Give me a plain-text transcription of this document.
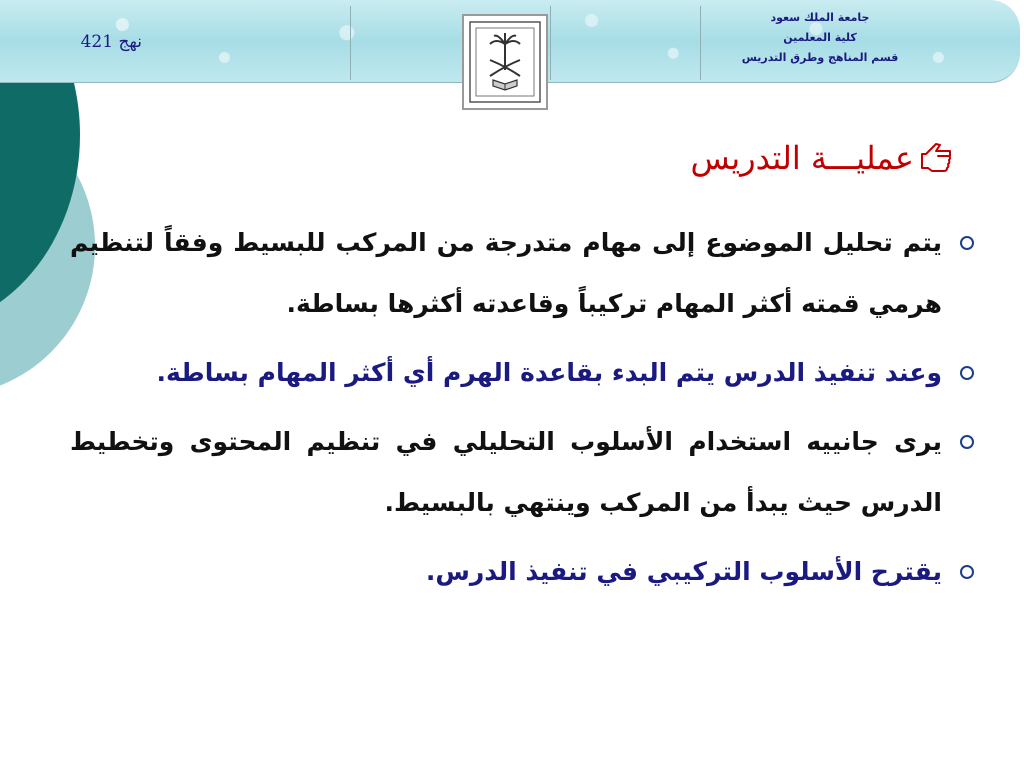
نهج 421
جامعة الملك سعود
كلية المعلمين
قسم المناهج وطرق التدريس
عمليـــة التدريس
يتم تحليل الموضوع إلى مهام متدرجة من المركب للبسيط وفقاً لتنظيم هرمي قمته أكثر المهام تركيباً وقاعدته أكثرها بساطة.
وعند تنفيذ الدرس يتم البدء بقاعدة الهرم أي أكثر المهام بساطة.
يرى جانييه استخدام الأسلوب التحليلي في تنظيم المحتوى وتخطيط الدرس حيث يبدأ من المركب وينتهي بالبسيط.
يقترح الأسلوب التركيبي في تنفيذ الدرس.
